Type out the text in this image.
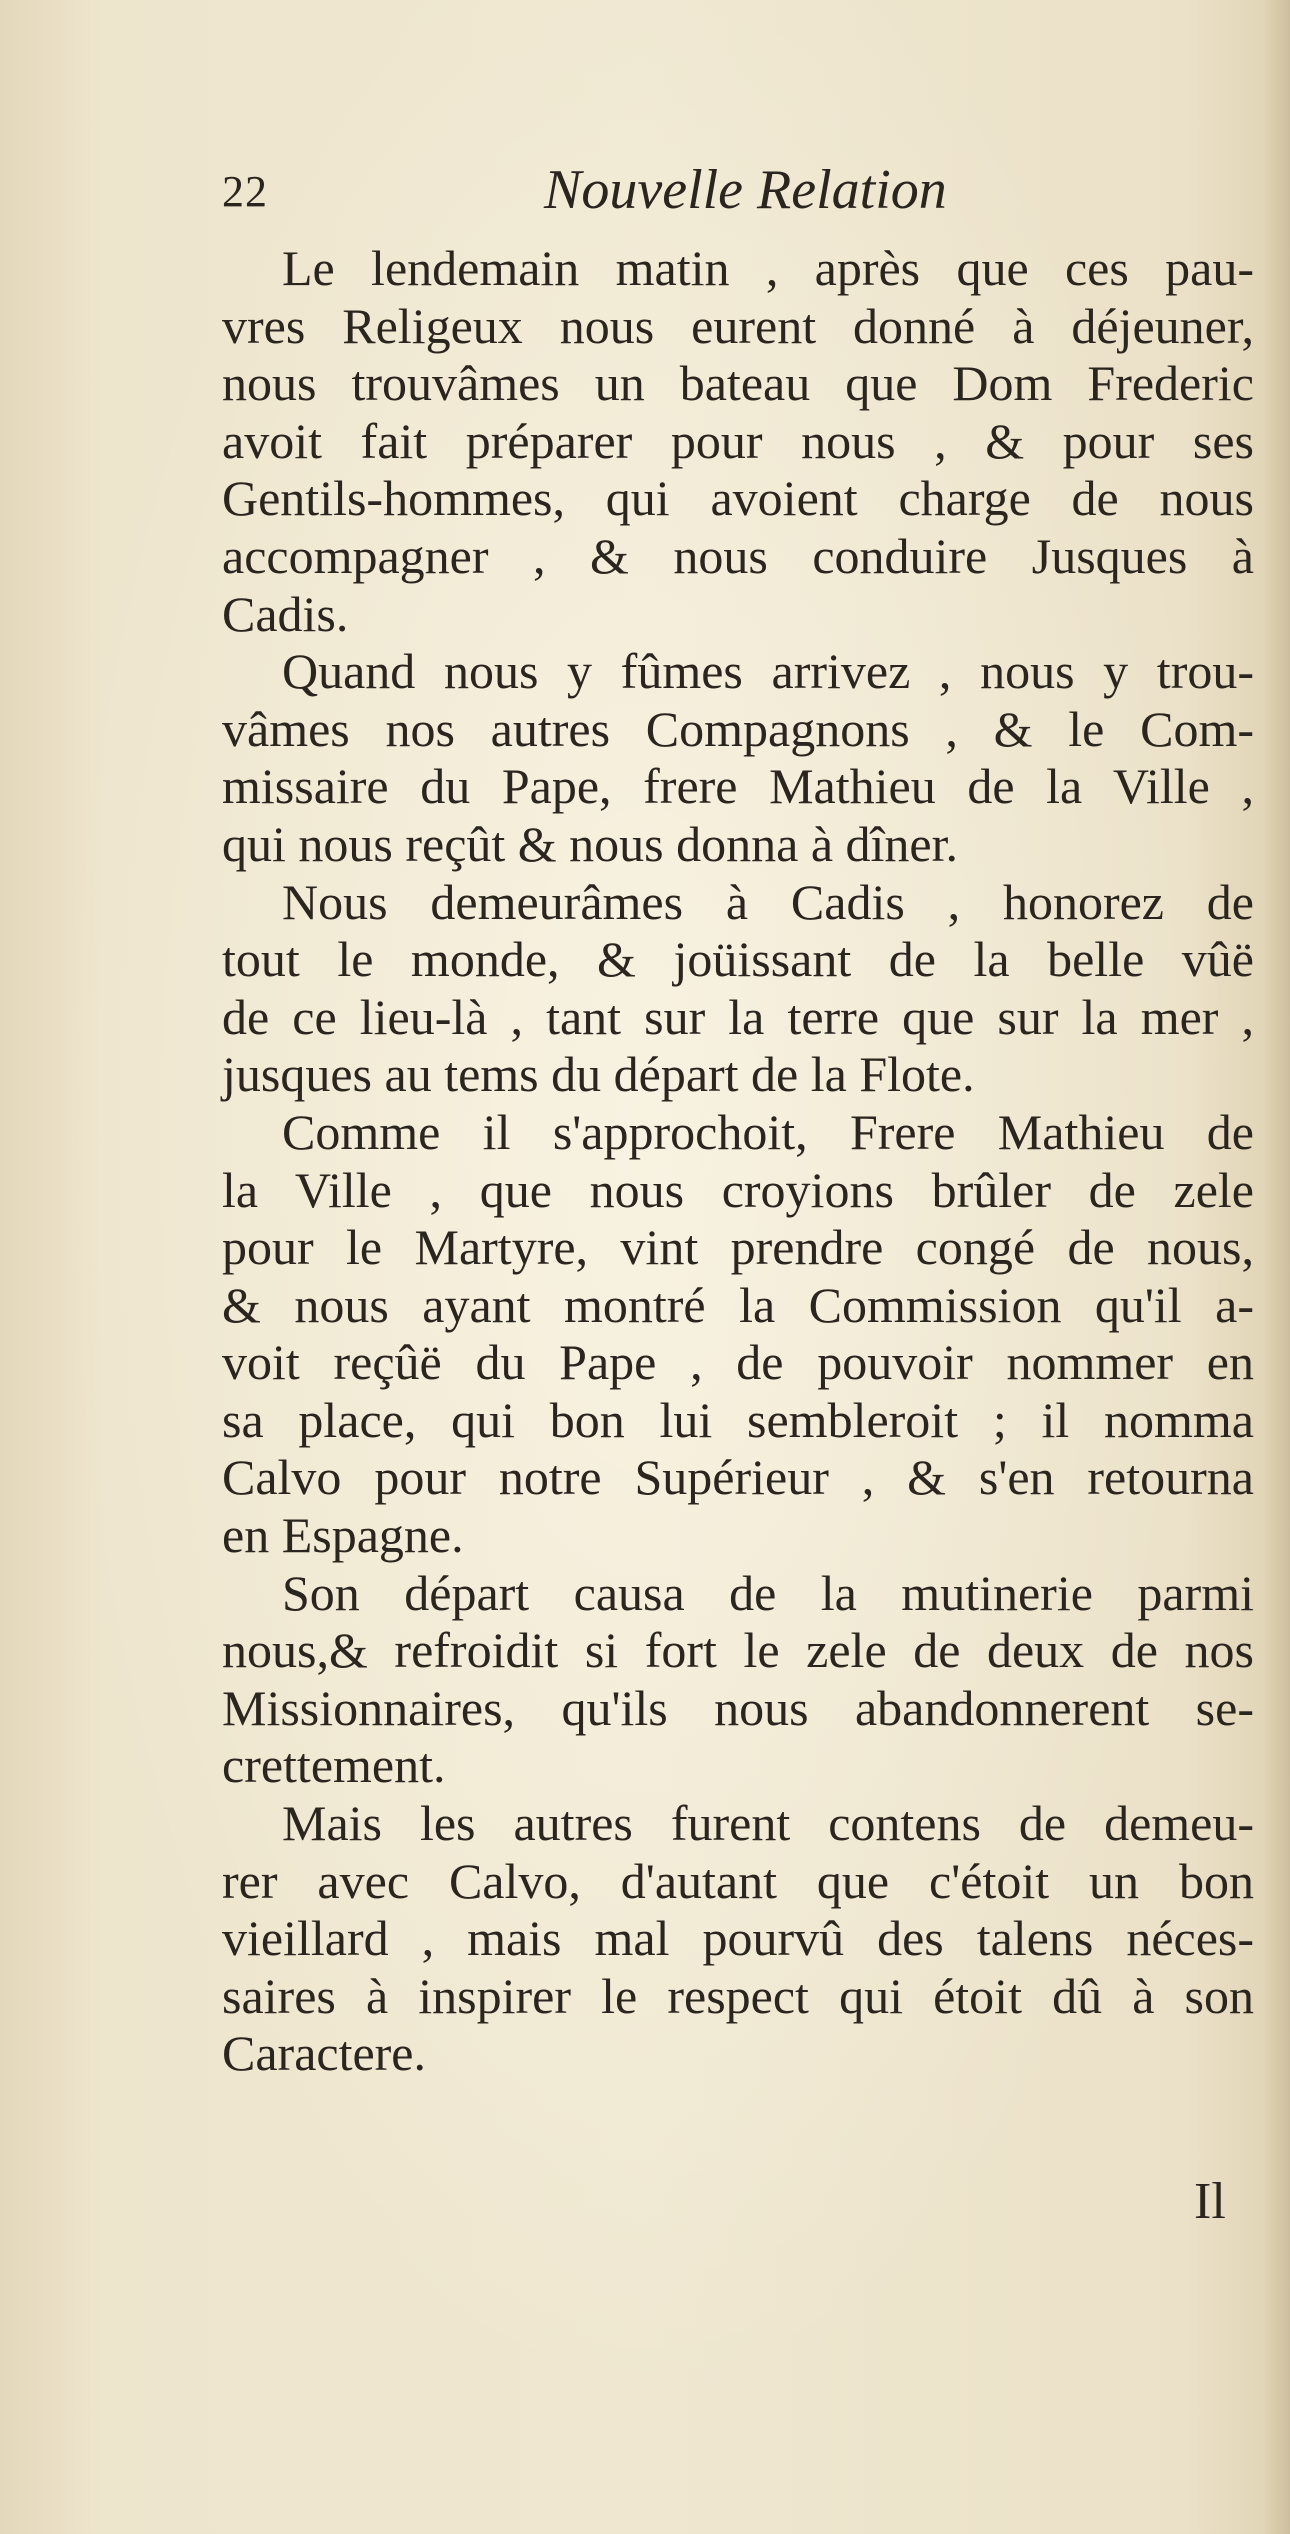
22	Nouvelle Relation
Le lendemain matin , après que ces pau-
vres Religeux nous eurent donné à déjeuner,
nous trouvâmes un bateau que Dom Frederic
avoit fait préparer pour nous , & pour ses
Gentils-hommes, qui avoient charge de nous
accompagner , & nous conduire Jusques à
Cadis.
Quand nous y fûmes arrivez , nous y trou-
vâmes nos autres Compagnons , & le Com-
missaire du Pape, frere Mathieu de la Ville ,
qui nous reçût & nous donna à dîner.
Nous demeurâmes à Cadis , honorez de
tout le monde, & joüissant de la belle vûë
de ce lieu-là , tant sur la terre que sur la mer ,
jusques au tems du départ de la Flote.
Comme il s'approchoit, Frere Mathieu de
la Ville , que nous croyions brûler de zele
pour le Martyre, vint prendre congé de nous,
& nous ayant montré la Commission qu'il a-
voit reçûë du Pape , de pouvoir nommer en
sa place, qui bon lui sembleroit ; il nomma
Calvo pour notre Supérieur , & s'en retourna
en Espagne.
Son départ causa de la mutinerie parmi
nous,& refroidit si fort le zele de deux de nos
Missionnaires, qu'ils nous abandonnerent se-
crettement.
Mais les autres furent contens de demeu-
rer avec Calvo, d'autant que c'étoit un bon
vieillard , mais mal pourvû des talens néces-
saires à inspirer le respect qui étoit dû à son
Caractere.
Il
